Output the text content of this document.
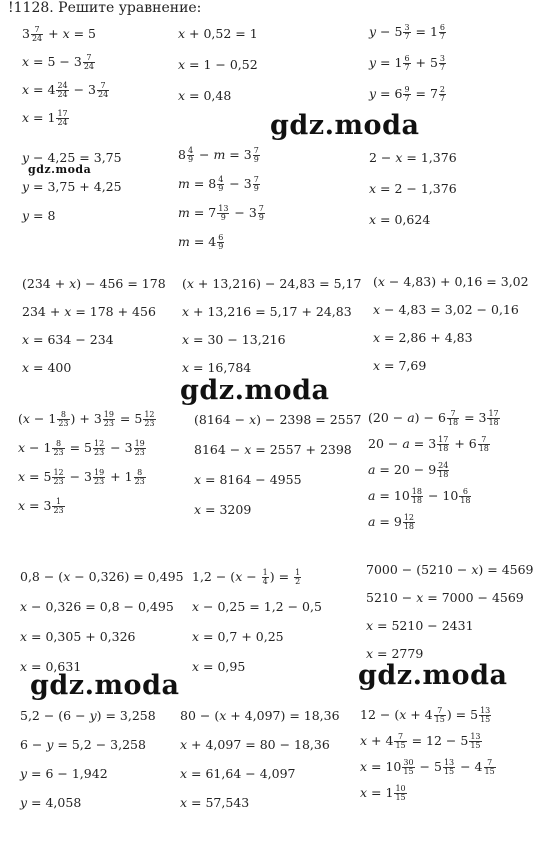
!1128. Решите уравнение:
$3 \frac{7}{24} + x = 5$
$x = 5 - 3 \frac{7}{24}$
$x = 4 \frac{24}{24} - 3 \frac{7}{24}$
$x = 1 \frac{17}{24}$
x + 0,52 = 1
x = 1 − 0,52
x = 0,48
$y - 5 \frac{3}{7} = 1 \frac{6}{7}$
$y = 1 \frac{6}{7} + 5 \frac{3}{7}$
$y = 6 \frac{9}{7} = 7 \frac{2}{7}$
y − 4,25 = 3,75
y = 3,75 + 4,25
y = 8
$8 \frac{4}{9} - m = 3 \frac{7}{9}$
$m = 8 \frac{4}{9} - 3 \frac{7}{9}$
$m = 7 \frac{13}{9} - 3 \frac{7}{9}$
$m = 4 \frac{6}{9}$
2 − x = 1,376
x = 2 − 1,376
x = 0,624
(234 + x) − 456 = 178
234 + x = 178 + 456
x = 634 − 234
x = 400
(x + 13,216) − 24,83 = 5,17
x + 13,216 = 5,17 + 24,83
x = 30 − 13,216
x = 16,784
(x − 4,83) + 0,16 = 3,02
x − 4,83 = 3,02 − 0,16
x = 2,86 + 4,83
x = 7,69
($x - 1 \frac{8}{23}$ ) + $3 \frac{19}{23} = 5 \frac{12}{23}$
$x - 1 \frac{8}{23} = 5 \frac{12}{23} - 3 \frac{19}{23}$
$x = 5 \frac{12}{23} - 3 \frac{19}{23} + 1 \frac{8}{23}$
$x = 3 \frac{1}{23}$
(8164 − x) − 2398 = 2557
8164 − x = 2557 + 2398
x = 8164 − 4955
x = 3209
$(20 - a) - 6 \frac{7}{18} = 3 \frac{17}{18}$
$20 - a = 3 \frac{17}{18} + 6 \frac{7}{18}$
$a = 20 - 9 \frac{24}{18}$
$a = 10 \frac{18}{18} - 10 \frac{6}{18}$
$a = 9 \frac{12}{18}$
0,8 − (x − 0,326) = 0,495
x − 0,326 = 0,8 − 0,495
x = 0,305 + 0,326
x = 0,631
$1,2 - (x - \frac{1}{4}$ ) = $\frac{1}{2}$
x − 0,25 = 1,2 − 0,5
x = 0,7 + 0,25
x = 0,95
7000 − (5210 − x) = 4569
5210 − x = 7000 − 4569
x = 5210 − 2431
x = 2779
5,2 − (6 − y) = 3,258
6 − y = 5,2 − 3,258
y = 6 − 1,942
y = 4,058
80 − (x + 4,097) = 18,36
x + 4,097 = 80 − 18,36
x = 61,64 − 4,097
x = 57,543
$12 - (x + 4 \frac{7}{15}$ ) = $5 \frac{13}{15}$
$x + 4 \frac{7}{15} = 12 - 5 \frac{13}{15}$
$x = 10 \frac{30}{15} - 5 \frac{13}{15} - 4 \frac{7}{15}$
$x = 1 \frac{10}{15}$
gdz.moda
gdz.moda
gdz.moda
gdz.moda	gdz.moda
